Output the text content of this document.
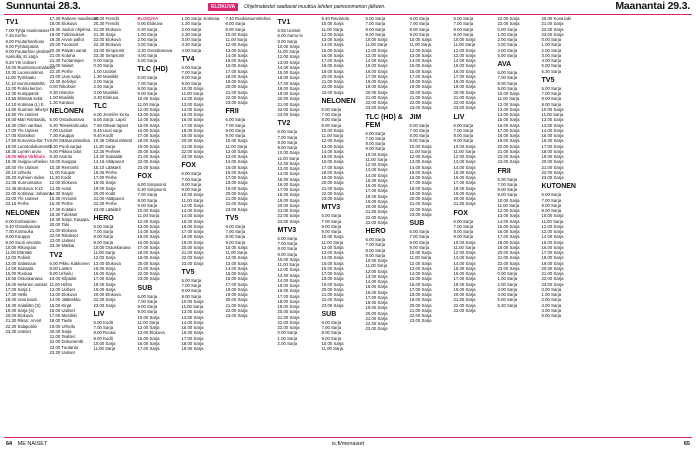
Sunnuntai 28.3.	ELOKUVA	Ohjelmatiedot saattavat muuttua lehden painoonmenon jälkeen.	Maanantai 29.3.
TV1
7.00 Tyhjä Huolenaiset
7.45 Kerho
8.00 Puutarhanhoito
9.00 Pyhäinpäivä
9.00 Puutarhan yksikön
Aamulla; Ei sarja
9.20 Yle Uutiset
10.00 Ruotsinsuomalaiset
10.30 Luonnonilmiö
11.00 Työnlaatu
11.10 Sunnuntaiteltä
12.00 Poliisi kertoo
12.30 Kumppanit:
12.55 Elämää sekä
14.10 Kotimaa (L) E
14.50 Suomen lähetys
15.50 Yle Uutiset
16.00 Mari Rantasila,
16.30 Olen vanhaa
17.00 Yle Uutiset
17.05 Klassikot
17.50 Euroviisu-ilta: Tv
18.00 Luontodokumentti
18.35 Lumen arvio
19.00 Mika Virkkula
19.35 Huippu-urheilun
20.00 Yle Uutiset
20.10 Urheilu
20.20 Kylmien öiden
21.05 Sunnuntaina
21.45 Elokuva: K12
22.00 Kotimaa: Johanna
23.00 Yle Uutiset
23.15 Perhe
NELONEN
6.00 Kotimainen
6.40 Ostoskanava
7.00 Kotiruoka
8.00 Kauppa
9.00 Suuri arvonta
10.00 Rikosjutut
11.00 Elämää
12.00 Poliisit
13.00 Salaisuus
14.00 Sairaala
15.00 Ruokaa
15.55 Ostoskanava
16.00 Nelonen uutiset
17.00 Sarja 1
17.30 Hetki
18.00 Uusi kausi
18.30 Salaliitto (S)
19.00 Sarja (S)
20.00 Elokuva
21.30 Rikos: Arviot
22.30 Salapoliisi
23.30 Uutiset
17.30 Raiteen maailmaan
18.00 Elokuva
18.30 Joulun ohjelma
19.00 Tutkimukset
19.30 Arvon pallot
20.00 Tuomarit
20.30 Päivän sanat
21.00 Kotona
21.30 Tuotantojen
22.00 Naiset
22.30 Perhe
23.00 Uusi sarja
23.30 Selvitys
0.00 Rikokset
0.30 Historia
1.00 Musiikki
1.30 Kanava
NELONEN
6.00 Ostoskanava
6.30 Teletekstiruoka
7.00 Uutiset
7.30 Kauppa
8.00 Sääsuunnitelma
8.30 Puoli sarjaa
9.00 Pikkaa talot
9.30 Asunto
10.00 Kauppa
10.30 Remontti
11.00 Kaupat
11.30 Kodit
12.00 Elokuva
13.30 Autot
14.30 Sarjat
15.30 Arviointi
16.30 Perhe
17.30 Kotitalo
18.30 Tulokset
19.30 Sarja: Kauppa
20.00 Talo
21.00 Elokuva
22.00 Rikokset
23.00 Uutiset
23.30 Matkat
TV2
6.00 Pikku Kakkonen
8.00 Lasten
9.00 Urheilu
10.00 Kilpailut
11.00 Hiihto
12.00 Uutiset
13.00 Elokuva
14.00 Jääkiekko
15.00 Kirjat
16.00 Uutiset
17.00 Musiikki
18.00 Tiede
19.00 Urheilu
20.00 Sarja
21.00 Teatteri
22.00 Dokumentti
23.00 Tuotanto
23.30 Uutiset
20.00 Frendit
20.30 Frendit
21.00 Elokuva
21.30 Sarja
22.00 Elokuva
22.30 Elokuva
23.00 Simpsonit
23.30 Simpsonit
0.00 Sarja
0.30 Sarja
1.00 Uutiset
1.30 Musiikki
2.00 Sarja
2.30 Sarja
3.00 Musiikki
3.30 Elokuva
TLC
6.00 Jennifer Kirsu
6.55 Sarja: Lapsi
7.50 Oikeat lapset
8.45 Uusi sarja
9.40 Kodit
10.35 Oikeat elämät
11.30 Sarja
12.25 Perheet
13.20 Sairaalat
14.15 Hääpuvut
15.10 Lääkärit
16.05 Perhe
17.00 Perhe
18.00 Sarja
19.00 Sarja
20.00 Kodit
21.00 Hääpuvut
22.00 Perhe
23.00 Lääkärit
HERO
6.00 Sarja
7.00 Sarja
8.00 Sarja
9.00 Sarja
10.00 Ostoskanava
11.00 Sarja
12.00 Sarja
13.00 Elokuva
15.00 Sarja
16.00 Sarja
17.00 Sarja
18.00 Sarja
19.00 Sarja
20.00 Elokuva
22.00 Sarja
23.00 Sarja
LIV
6.00 Kodit
7.00 Sarja
8.00 Ruoka
9.00 Kodit
10.00 Sarja
11.00 Sarja
ELOKUVA
0.00 Elokuva
0.30 Sarja
1.00 Sarja
2.00 Sarja
3.00 Sarja
3.30 Ostoskanava
4.00 Sarja
5.00 Sarja
TLC (HD)
6.00 Sarja
7.00 Sarja
8.00 Sarja
9.00 Sarja
10.00 Sarja
11.00 Sarja
12.00 Sarja
13.00 Sarja
14.00 Sarja
15.00 Sarja
16.00 Sarja
17.00 Sarja
18.00 Sarja
19.00 Sarja
20.00 Sarja
21.00 Sarja
22.00 Sarja
23.00 Sarja
FOX
6.00 Simpsonit
6.30 Simpsonit
7.00 Sarja
8.00 Sarja
9.00 Sarja
10.00 Sarja
11.00 Sarja
12.00 Sarja
13.00 Sarja
14.00 Sarja
15.00 Sarja
16.00 Sarja
17.00 Sarja
18.00 Sarja
19.00 Sarja
20.00 Sarja
21.00 Sarja
22.00 Sarja
23.00 Sarja
SUB
6.00 Sarja
7.00 Sarja
8.00 Sarja
9.00 Sarja
10.00 Sarja
11.00 Sarja
12.00 Sarja
13.00 Elokuva
15.00 Sarja
16.00 Sarja
17.00 Sarja
1.00 Sarja: Kotimaa
1.30 Sarja
2.00 Sarja
2.30 Sarja
3.00 Sarja
3.30 Sarja
4.00 Sarja
TV4
6.00 Sarja
7.00 Sarja
8.00 Sarja
9.00 Sarja
10.00 Sarja
11.00 Sarja
12.00 Sarja
13.00 Sarja
14.00 Sarja
15.00 Sarja
16.00 Sarja
17.00 Sarja
18.00 Sarja
19.00 Sarja
20.00 Sarja
21.00 Sarja
22.00 Sarja
23.00 Sarja
FOX
6.00 Sarja
7.00 Sarja
8.00 Sarja
9.00 Sarja
10.00 Sarja
11.00 Sarja
12.00 Sarja
13.00 Sarja
14.00 Sarja
15.00 Sarja
16.00 Sarja
17.00 Sarja
18.00 Sarja
19.00 Sarja
20.00 Sarja
21.00 Sarja
22.00 Sarja
23.00 Sarja
TV5
6.00 Sarja
7.00 Sarja
8.00 Sarja
9.00 Sarja
10.00 Sarja
11.00 Sarja
12.00 Sarja
13.00 Sarja
14.00 Sarja
15.00 Sarja
16.00 Sarja
17.00 Sarja
18.00 Sarja
19.00 Sarja
7.40 Ruokasuunnitelma
8.00 Sarja
9.00 Sarja
10.00 Sarja
11.00 Sarja
12.00 Sarja
13.00 Sarja
14.00 Sarja
15.00 Sarja
16.00 Sarja
17.00 Sarja
18.00 Sarja
19.00 Sarja
20.00 Sarja
21.00 Sarja
22.00 Sarja
23.00 Sarja
FRII
6.00 Sarja
7.00 Sarja
8.00 Sarja
9.00 Sarja
10.00 Sarja
11.00 Sarja
12.00 Sarja
13.00 Sarja
14.00 Sarja
15.00 Sarja
16.00 Sarja
17.00 Sarja
18.00 Sarja
19.00 Sarja
20.00 Sarja
21.00 Sarja
22.00 Sarja
23.00 Sarja
TV5
6.00 Sarja
7.00 Sarja
8.00 Sarja
9.00 Sarja
10.00 Sarja
11.00 Sarja
12.00 Sarja
13.00 Sarja
14.00 Sarja
15.00 Sarja
16.00 Sarja
17.00 Sarja
18.00 Sarja
19.00 Sarja
20.00 Sarja
21.00 Sarja
22.00 Sarja
23.00 Sarja
TV1
5.55 Uutiset
6.00 Aamu-tv
9.00 Sarja
10.00 Sarja
11.00 Sarja
12.00 Sarja
13.00 Sarja
14.00 Sarja
15.00 Sarja
16.00 Sarja
17.00 Sarja
18.00 Sarja
19.00 Sarja
20.00 Sarja
21.00 Sarja
22.00 Sarja
23.00 Sarja
TV2
6.00 Sarja
7.00 Sarja
8.00 Sarja
9.00 Sarja
10.00 Sarja
11.00 Sarja
12.00 Sarja
13.00 Sarja
14.00 Sarja
15.00 Sarja
16.00 Sarja
17.00 Sarja
18.00 Sarja
19.00 Sarja
20.00 Sarja
21.00 Sarja
22.00 Sarja
23.00 Sarja
MTV3
6.00 Sarja
7.00 Sarja
8.00 Sarja
9.00 Sarja
10.00 Sarja
11.00 Sarja
12.00 Sarja
13.00 Sarja
14.00 Sarja
15.00 Sarja
16.00 Sarja
17.00 Sarja
18.00 Sarja
19.00 Sarja
20.00 Sarja
21.00 Sarja
22.00 Sarja
23.00 Sarja
0.00 Sarja
1.00 Sarja
2.00 Sarja
9.40 Ravintola
10.00 Sarja
11.00 Sarja
12.00 Sarja
13.00 Sarja
14.00 Sarja
15.00 Sarja
16.00 Sarja
17.00 Sarja
18.00 Sarja
19.00 Sarja
20.00 Sarja
21.00 Sarja
22.00 Sarja
23.00 Sarja
NELONEN
6.00 Sarja
7.00 Sarja
8.00 Sarja
9.00 Sarja
10.00 Sarja
11.00 Sarja
12.00 Sarja
13.00 Sarja
14.00 Sarja
15.00 Sarja
16.00 Sarja
17.00 Sarja
18.00 Sarja
19.00 Sarja
20.00 Sarja
21.00 Sarja
22.00 Sarja
23.00 Sarja
MTV3
6.00 Sarja
7.00 Sarja
8.00 Sarja
9.00 Sarja
10.00 Sarja
11.00 Sarja
12.00 Sarja
13.00 Sarja
14.00 Sarja
15.00 Sarja
16.00 Sarja
17.00 Sarja
18.00 Sarja
19.00 Sarja
20.00 Sarja
21.00 Sarja
22.00 Sarja
23.00 Sarja
SUB
6.00 Sarja
7.00 Sarja
8.00 Sarja
9.00 Sarja
10.00 Sarja
11.00 Sarja
6.00 Sarja
7.00 Sarja
8.00 Sarja
9.00 Sarja
10.00 Sarja
11.00 Sarja
12.00 Sarja
13.00 Sarja
14.00 Sarja
15.00 Sarja
16.00 Sarja
17.00 Sarja
18.00 Sarja
19.00 Sarja
20.00 Sarja
21.00 Sarja
22.00 Sarja
23.00 Sarja
TLC (HD) & FEM
6.00 Sarja
7.00 Sarja
8.00 Sarja
9.00 Sarja
10.00 Sarja
11.00 Sarja
12.00 Sarja
13.00 Sarja
14.00 Sarja
15.00 Sarja
16.00 Sarja
17.00 Sarja
18.00 Sarja
19.00 Sarja
20.00 Sarja
21.00 Sarja
22.00 Sarja
23.00 Sarja
HERO
6.00 Sarja
7.00 Sarja
8.00 Sarja
9.00 Sarja
10.00 Sarja
11.00 Sarja
12.00 Sarja
13.00 Sarja
14.00 Sarja
15.00 Sarja
16.00 Sarja
17.00 Sarja
18.00 Sarja
19.00 Sarja
20.00 Sarja
21.00 Sarja
22.00 Sarja
23.00 Sarja
6.00 Sarja
7.00 Sarja
8.00 Sarja
9.00 Sarja
10.00 Sarja
11.00 Sarja
12.00 Sarja
13.00 Sarja
14.00 Sarja
15.00 Sarja
16.00 Sarja
17.00 Sarja
18.00 Sarja
19.00 Sarja
20.00 Sarja
21.00 Sarja
22.00 Sarja
23.00 Sarja
JIM
6.00 Sarja
7.00 Sarja
8.00 Sarja
9.00 Sarja
10.00 Sarja
11.00 Sarja
12.00 Sarja
13.00 Sarja
14.00 Sarja
15.00 Sarja
16.00 Sarja
17.00 Sarja
18.00 Sarja
19.00 Sarja
20.00 Sarja
21.00 Sarja
22.00 Sarja
23.00 Sarja
SUB
6.00 Sarja
7.00 Sarja
8.00 Sarja
9.00 Sarja
10.00 Sarja
11.00 Sarja
12.00 Sarja
13.00 Sarja
14.00 Sarja
15.00 Sarja
16.00 Sarja
17.00 Sarja
18.00 Sarja
19.00 Sarja
20.00 Sarja
21.00 Sarja
22.00 Sarja
23.00 Sarja
6.00 Sarja
7.00 Sarja
8.00 Sarja
9.00 Sarja
10.00 Sarja
11.00 Sarja
12.00 Sarja
13.00 Sarja
14.00 Sarja
15.00 Sarja
16.00 Sarja
17.00 Sarja
18.00 Sarja
19.00 Sarja
20.00 Sarja
21.00 Sarja
22.00 Sarja
23.00 Sarja
LIV
6.00 Sarja
7.00 Sarja
8.00 Sarja
9.00 Sarja
10.00 Sarja
11.00 Sarja
12.00 Sarja
13.00 Sarja
14.00 Sarja
15.00 Sarja
16.00 Sarja
17.00 Sarja
18.00 Sarja
19.00 Sarja
20.00 Sarja
21.00 Sarja
FOX
6.00 Sarja
7.00 Sarja
8.00 Sarja
9.00 Sarja
10.00 Sarja
11.00 Sarja
12.00 Sarja
13.00 Sarja
14.00 Sarja
15.00 Sarja
16.00 Sarja
17.00 Sarja
18.00 Sarja
19.00 Sarja
20.00 Sarja
21.00 Sarja
22.00 Sarja
23.00 Sarja
22.00 Sarja
23.00 Sarja
0.00 Sarja
1.00 Sarja
2.00 Sarja
3.00 Sarja
4.00 Sarja
5.00 Sarja
AVA
6.00 Sarja
7.00 Sarja
8.00 Sarja
9.00 Sarja
10.00 Sarja
11.00 Sarja
12.00 Sarja
13.00 Sarja
14.00 Sarja
15.00 Sarja
16.00 Sarja
17.00 Sarja
18.00 Sarja
19.00 Sarja
20.00 Sarja
21.00 Sarja
22.00 Sarja
23.00 Sarja
FRII
6.00 Sarja
7.00 Sarja
8.00 Sarja
9.00 Sarja
10.00 Sarja
11.00 Sarja
12.00 Sarja
13.00 Sarja
14.00 Sarja
15.00 Sarja
16.00 Sarja
17.00 Sarja
18.00 Sarja
19.00 Sarja
20.00 Sarja
21.00 Sarja
22.00 Sarja
23.00 Sarja
0.00 Sarja
1.00 Sarja
2.00 Sarja
3.00 Sarja
4.00 Sarja
5.00 Sarja
5.30 Sarja
20.00 Kova laki
21.00 Sarja
22.00 Sarja
23.00 Sarja
0.00 Sarja
1.00 Sarja
2.00 Sarja
3.00 Sarja
4.00 Sarja
5.00 Sarja
5.30 Sarja
TV5
6.00 Sarja
7.00 Sarja
8.00 Sarja
9.00 Sarja
10.00 Sarja
11.00 Sarja
12.00 Sarja
13.00 Sarja
14.00 Sarja
15.00 Sarja
16.00 Sarja
17.00 Sarja
18.00 Sarja
19.00 Sarja
20.00 Sarja
21.00 Sarja
22.00 Sarja
23.00 Sarja
KUTONEN
6.00 Sarja
7.00 Sarja
8.00 Sarja
9.00 Sarja
10.00 Sarja
11.00 Sarja
12.00 Sarja
13.00 Sarja
14.00 Sarja
15.00 Sarja
16.00 Sarja
17.00 Sarja
18.00 Sarja
19.00 Sarja
20.00 Sarja
21.00 Sarja
22.00 Sarja
23.00 Sarja
0.00 Sarja
1.00 Sarja
2.00 Sarja
3.00 Sarja
4.00 Sarja
5.00 Sarja
64 ME NAISET	is.fi/menaiset	65
